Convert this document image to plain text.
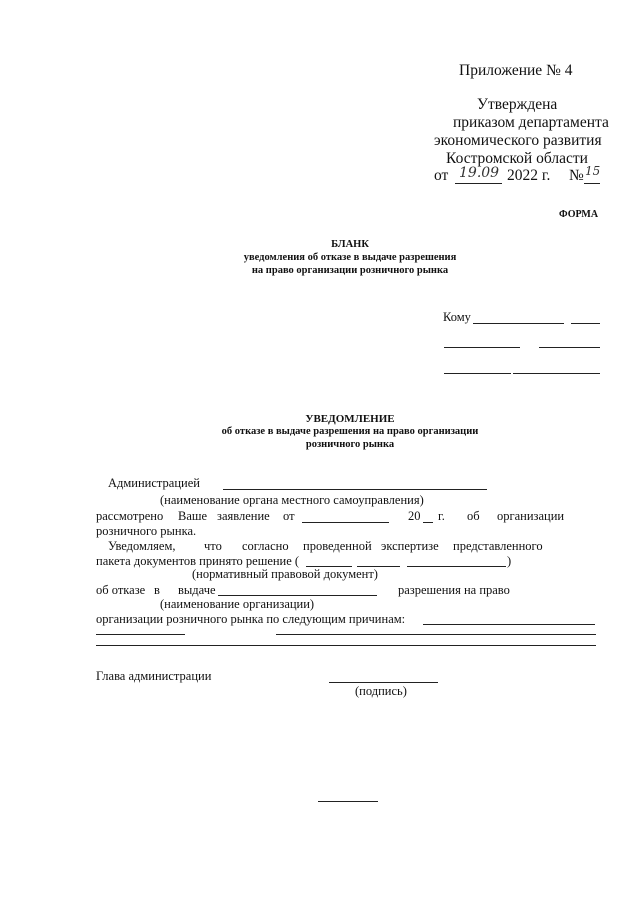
Приложение № 4
Утверждена
приказом департамента
экономического развития
Костромской области
от 19.09 2022 г. № 15
ФОРМА
БЛАНК
уведомления об отказе в выдаче разрешения
на право организации розничного рынка
Кому
УВЕДОМЛЕНИЕ
об отказе в выдаче разрешения на право организации
розничного рынка
Администрацией
(наименование органа местного самоуправления)
рассмотрено Ваше заявление от	20 г. об организации
розничного рынка.
Уведомляем, что согласно проведенной экспертизе представленного
пакета документов принято решение (	)
(нормативный правовой документ)
об отказе в выдаче	разрешения на право
(наименование организации)
организации розничного рынка по следующим причинам:
Глава администрации
(подпись)
